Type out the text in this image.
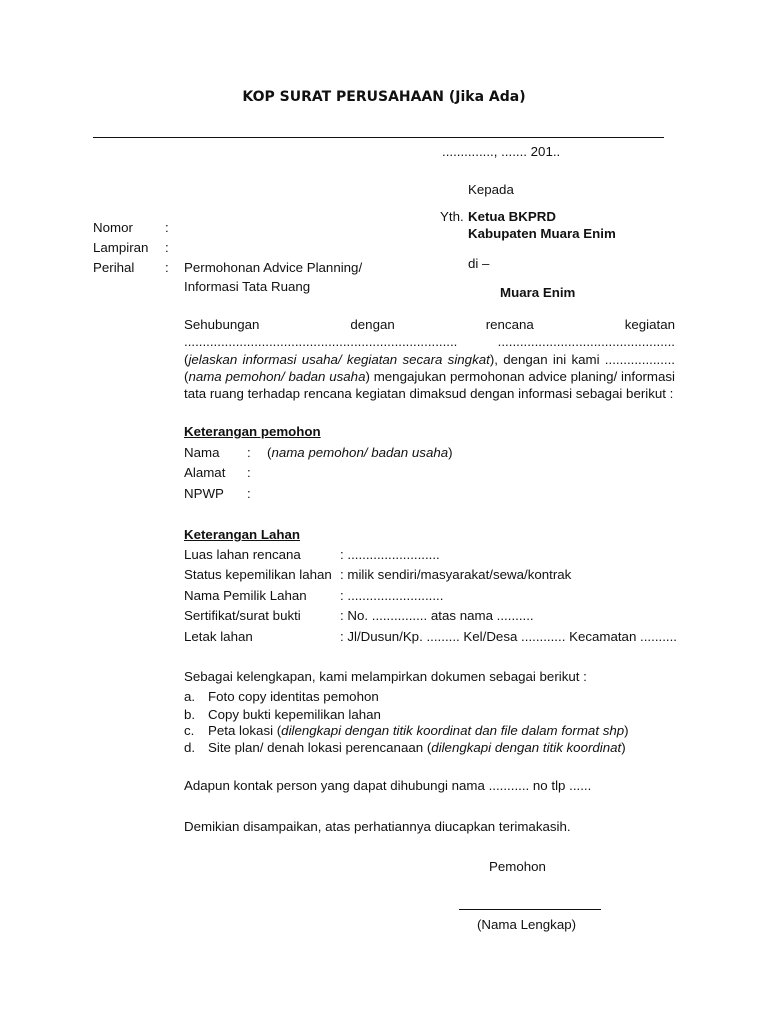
KOP SURAT PERUSAHAAN (Jika Ada)
.............., ....... 201..
Kepada
Yth. Ketua BKPRD
Kabupaten Muara Enim
di –
Muara Enim
Nomor :
Lampiran :
Perihal : Permohonan Advice Planning/
Informasi Tata Ruang
Sehubungan dengan rencana kegiatan .......................................................................... ................................................ (jelaskan informasi usaha/ kegiatan secara singkat), dengan ini kami ...................(nama pemohon/ badan usaha) mengajukan permohonan advice planing/ informasi tata ruang terhadap rencana kegiatan dimaksud dengan informasi sebagai berikut :
Keterangan pemohon
Nama : (nama pemohon/ badan usaha)
Alamat :
NPWP :
Keterangan Lahan
Luas lahan rencana	: .........................
Status kepemilikan lahan : milik sendiri/masyarakat/sewa/kontrak
Nama Pemilik Lahan	: ..........................
Sertifikat/surat bukti	: No. ............... atas nama ..........
Letak lahan	: Jl/Dusun/Kp. ......... Kel/Desa ............ Kecamatan ..........
Sebagai kelengkapan, kami melampirkan dokumen sebagai berikut :
a. Foto copy identitas pemohon
b. Copy bukti kepemilikan lahan
c. Peta lokasi (dilengkapi dengan titik koordinat dan file dalam format shp)
d. Site plan/ denah lokasi perencanaan (dilengkapi dengan titik koordinat)
Adapun kontak person yang dapat dihubungi nama ........... no tlp ......
Demikian disampaikan, atas perhatiannya diucapkan terimakasih.
Pemohon
(Nama Lengkap)
